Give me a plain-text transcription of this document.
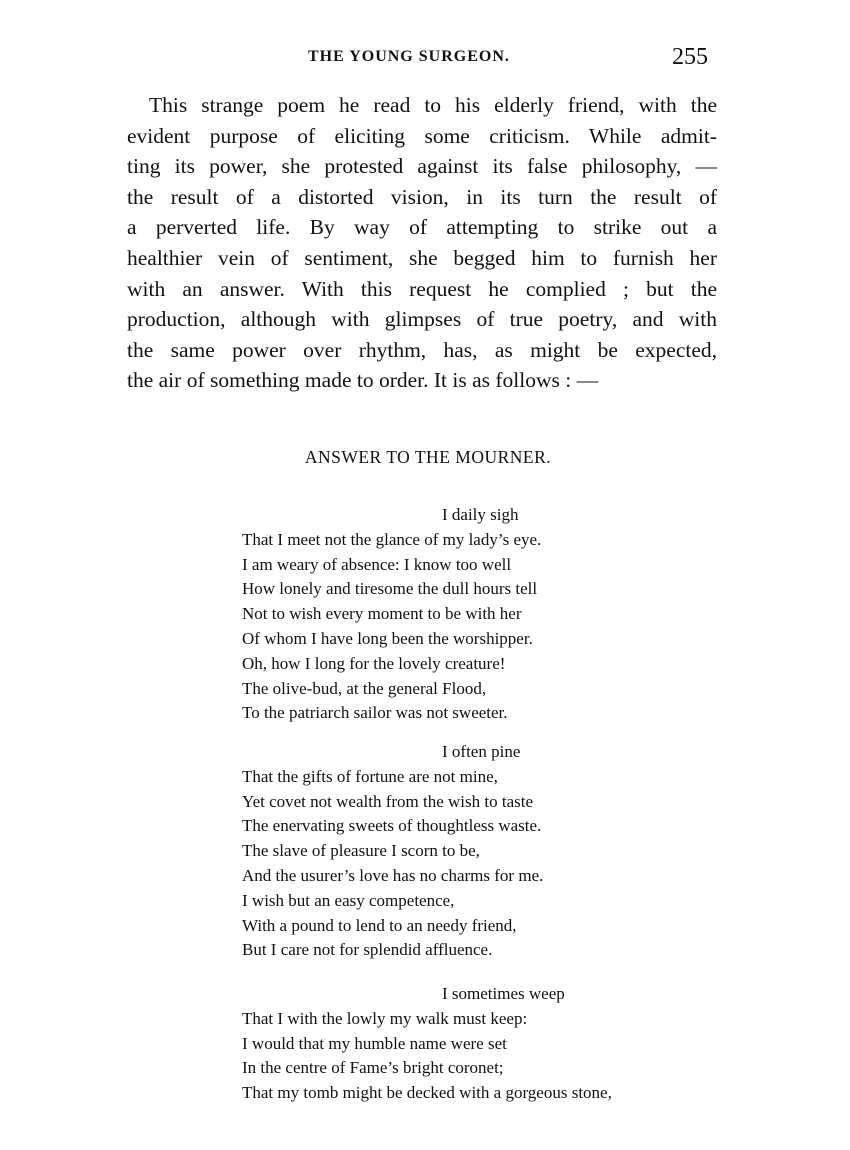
THE YOUNG SURGEON.	255
This strange poem he read to his elderly friend, with the
evident purpose of eliciting some criticism. While admit-
ting its power, she protested against its false philosophy, —
the result of a distorted vision, in its turn the result of
a perverted life. By way of attempting to strike out a
healthier vein of sentiment, she begged him to furnish her
with an answer. With this request he complied ; but the
production, although with glimpses of true poetry, and with
the same power over rhythm, has, as might be expected,
the air of something made to order. It is as follows : —
ANSWER TO THE MOURNER.
I daily sigh
That I meet not the glance of my lady’s eye.
I am weary of absence: I know too well
How lonely and tiresome the dull hours tell
Not to wish every moment to be with her
Of whom I have long been the worshipper.
Oh, how I long for the lovely creature!
The olive-bud, at the general Flood,
To the patriarch sailor was not sweeter.
I often pine
That the gifts of fortune are not mine,
Yet covet not wealth from the wish to taste
The enervating sweets of thoughtless waste.
The slave of pleasure I scorn to be,
And the usurer’s love has no charms for me.
I wish but an easy competence,
With a pound to lend to an needy friend,
But I care not for splendid affluence.
I sometimes weep
That I with the lowly my walk must keep:
I would that my humble name were set
In the centre of Fame’s bright coronet;
That my tomb might be decked with a gorgeous stone,
